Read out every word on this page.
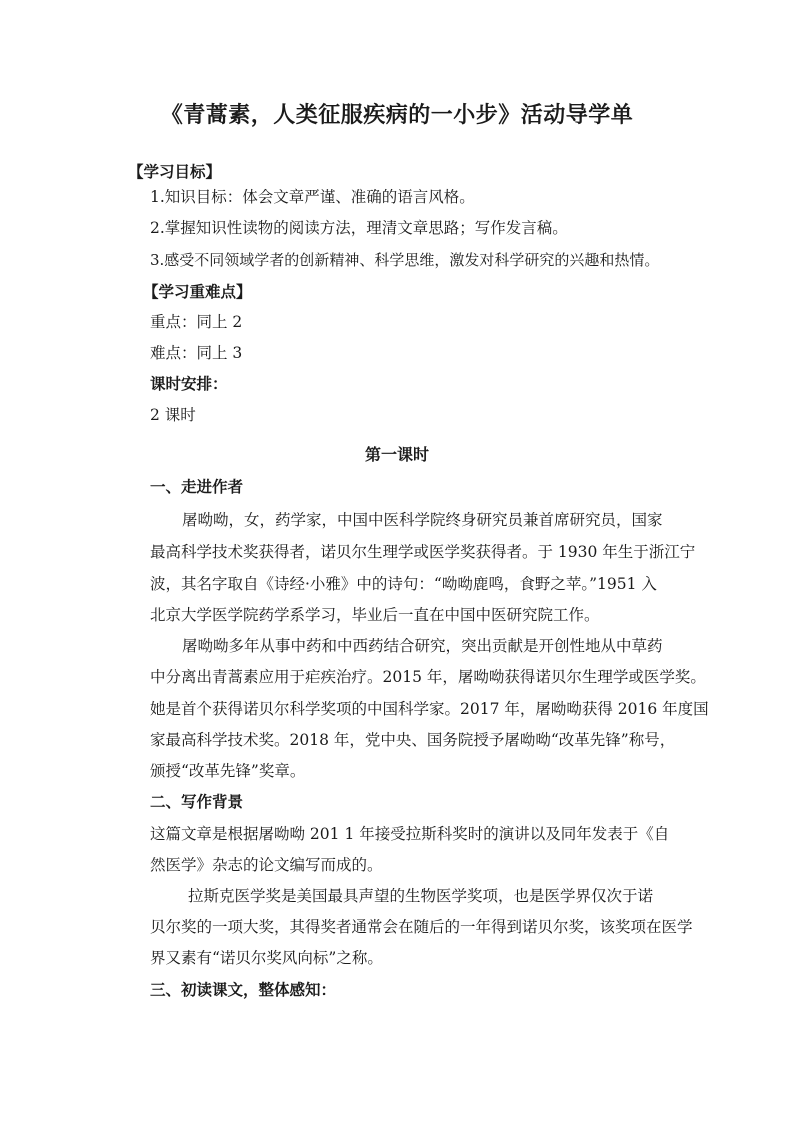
《青蒿素，人类征服疾病的一小步》活动导学单
【学习目标】
1.知识目标：体会文章严谨、准确的语言风格。
2.掌握知识性读物的阅读方法，理清文章思路；写作发言稿。
3.感受不同领域学者的创新精神、科学思维，激发对科学研究的兴趣和热情。
【学习重难点】
重点：同上 2
难点：同上 3
课时安排：
2 课时
第一课时
一、走进作者
屠呦呦，女，药学家，中国中医科学院终身研究员兼首席研究员，国家
最高科学技术奖获得者，诺贝尔生理学或医学奖获得者。于 1930 年生于浙江宁
波，其名字取自《诗经·小雅》中的诗句：“呦呦鹿鸣，食野之苹。”1951 入
北京大学医学院药学系学习，毕业后一直在中国中医研究院工作。
屠呦呦多年从事中药和中西药结合研究，突出贡献是开创性地从中草药
中分离出青蒿素应用于疟疾治疗。2015 年，屠呦呦获得诺贝尔生理学或医学奖。
她是首个获得诺贝尔科学奖项的中国科学家。2017 年，屠呦呦获得 2016 年度国
家最高科学技术奖。2018 年，党中央、国务院授予屠呦呦“改革先锋”称号，
颁授“改革先锋”奖章。
二、写作背景
这篇文章是根据屠呦呦 201 1 年接受拉斯科奖时的演讲以及同年发表于《自
然医学》杂志的论文编写而成的。
拉斯克医学奖是美国最具声望的生物医学奖项，也是医学界仅次于诺
贝尔奖的一项大奖，其得奖者通常会在随后的一年得到诺贝尔奖，该奖项在医学
界又素有“诺贝尔奖风向标”之称。
三、初读课文，整体感知：
